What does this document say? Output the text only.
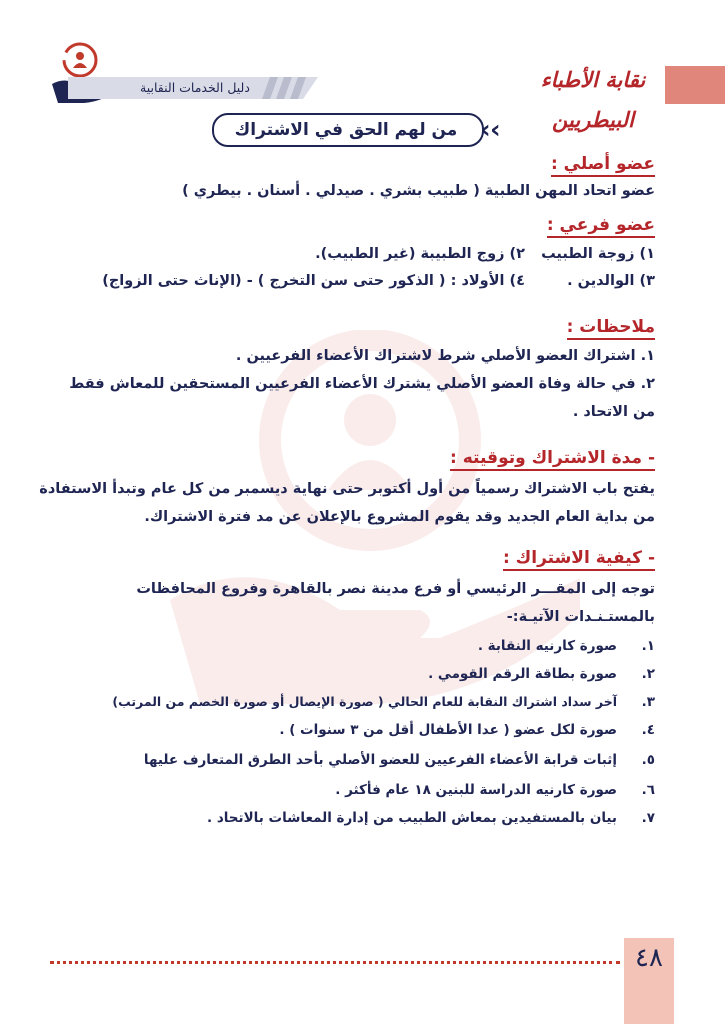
نقابة الأطباء البيطريين
دليل الخدمات النقابية
‹ ‹
من لهم الحق في الاشتراك
عضو أصلي :
عضو اتحاد المهن الطبية ( طبيب بشري . صيدلي . أسنان . بيطري )
عضو فرعي :
١) زوجة الطبيب
٢) زوج الطبيبة (غير الطبيب).
٣) الوالدين .
٤) الأولاد : ( الذكور حتى سن التخرج ) - (الإناث حتى الزواج)
ملاحظات :
١. اشتراك العضو الأصلي شرط لاشتراك الأعضاء الفرعيين .
٢. في حالة وفاة العضو الأصلي يشترك الأعضاء الفرعيين المستحقين للمعاش فقط
من الاتحاد .
- مدة الاشتراك وتوقيته :
يفتح باب الاشتراك رسمياً من أول أكتوبر حتى نهاية ديسمبر من كل عام وتبدأ الاستفادة
من بداية العام الجديد وقد يقوم المشروع بالإعلان عن مد فترة الاشتراك.
- كيفية الاشتراك :
توجه إلى المقـــر الرئيسي أو فرع مدينة نصر بالقاهرة وفروع المحافظات
بالمستـنـدات الآتيـة:-
١.
صورة كارنيه النقابة .
٢.
صورة بطاقة الرقم القومي .
٣.
آخر سداد اشتراك النقابة للعام الحالي ( صورة الإيصال أو صورة الخصم من المرتب)
٤.
صورة لكل عضو ( عدا الأطفال أقل من ٣ سنوات ) .
٥.
إثبات قرابة الأعضاء الفرعيين للعضو الأصلي بأحد الطرق المتعارف عليها
٦.
صورة كارنيه الدراسة للبنين ١٨ عام فأكثر .
٧.
بيان بالمستفيدين بمعاش الطبيب من إدارة المعاشات بالاتحاد .
٤٨
